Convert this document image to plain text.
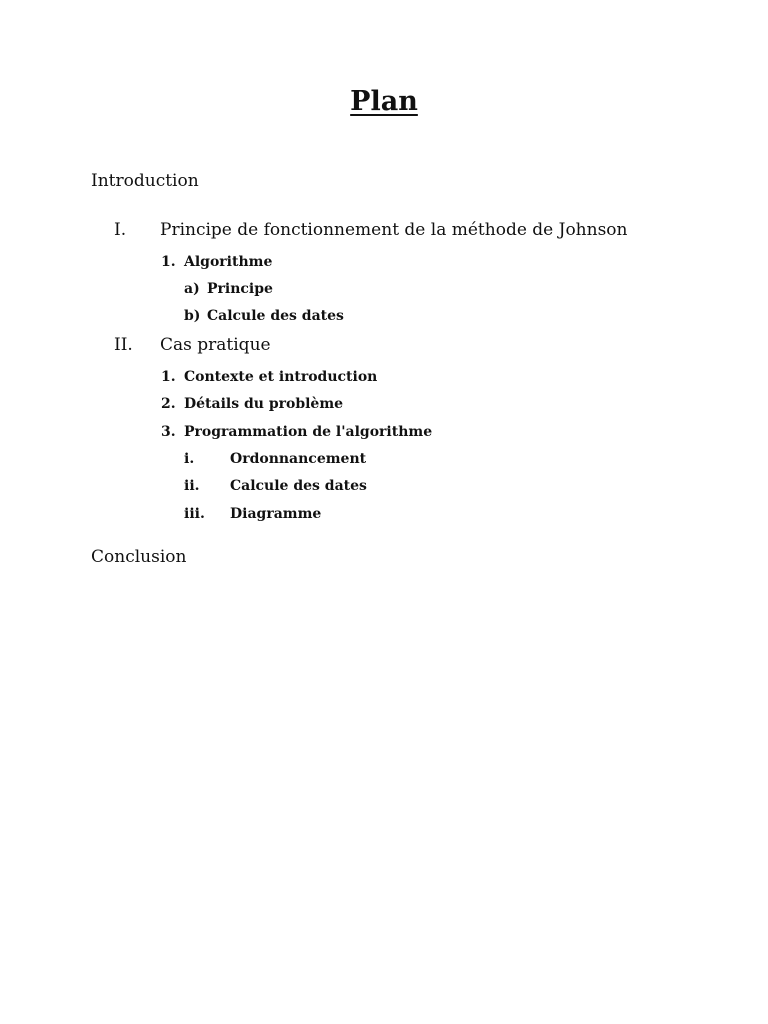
Plan
Introduction
I. Principe de fonctionnement de la méthode de Johnson
1. Algorithme
a) Principe
b) Calcule des dates
II. Cas pratique
1. Contexte et introduction
2. Détails du problème
3. Programmation de l'algorithme
i.	Ordonnancement
ii. Calcule des dates
iii. Diagramme
Conclusion
